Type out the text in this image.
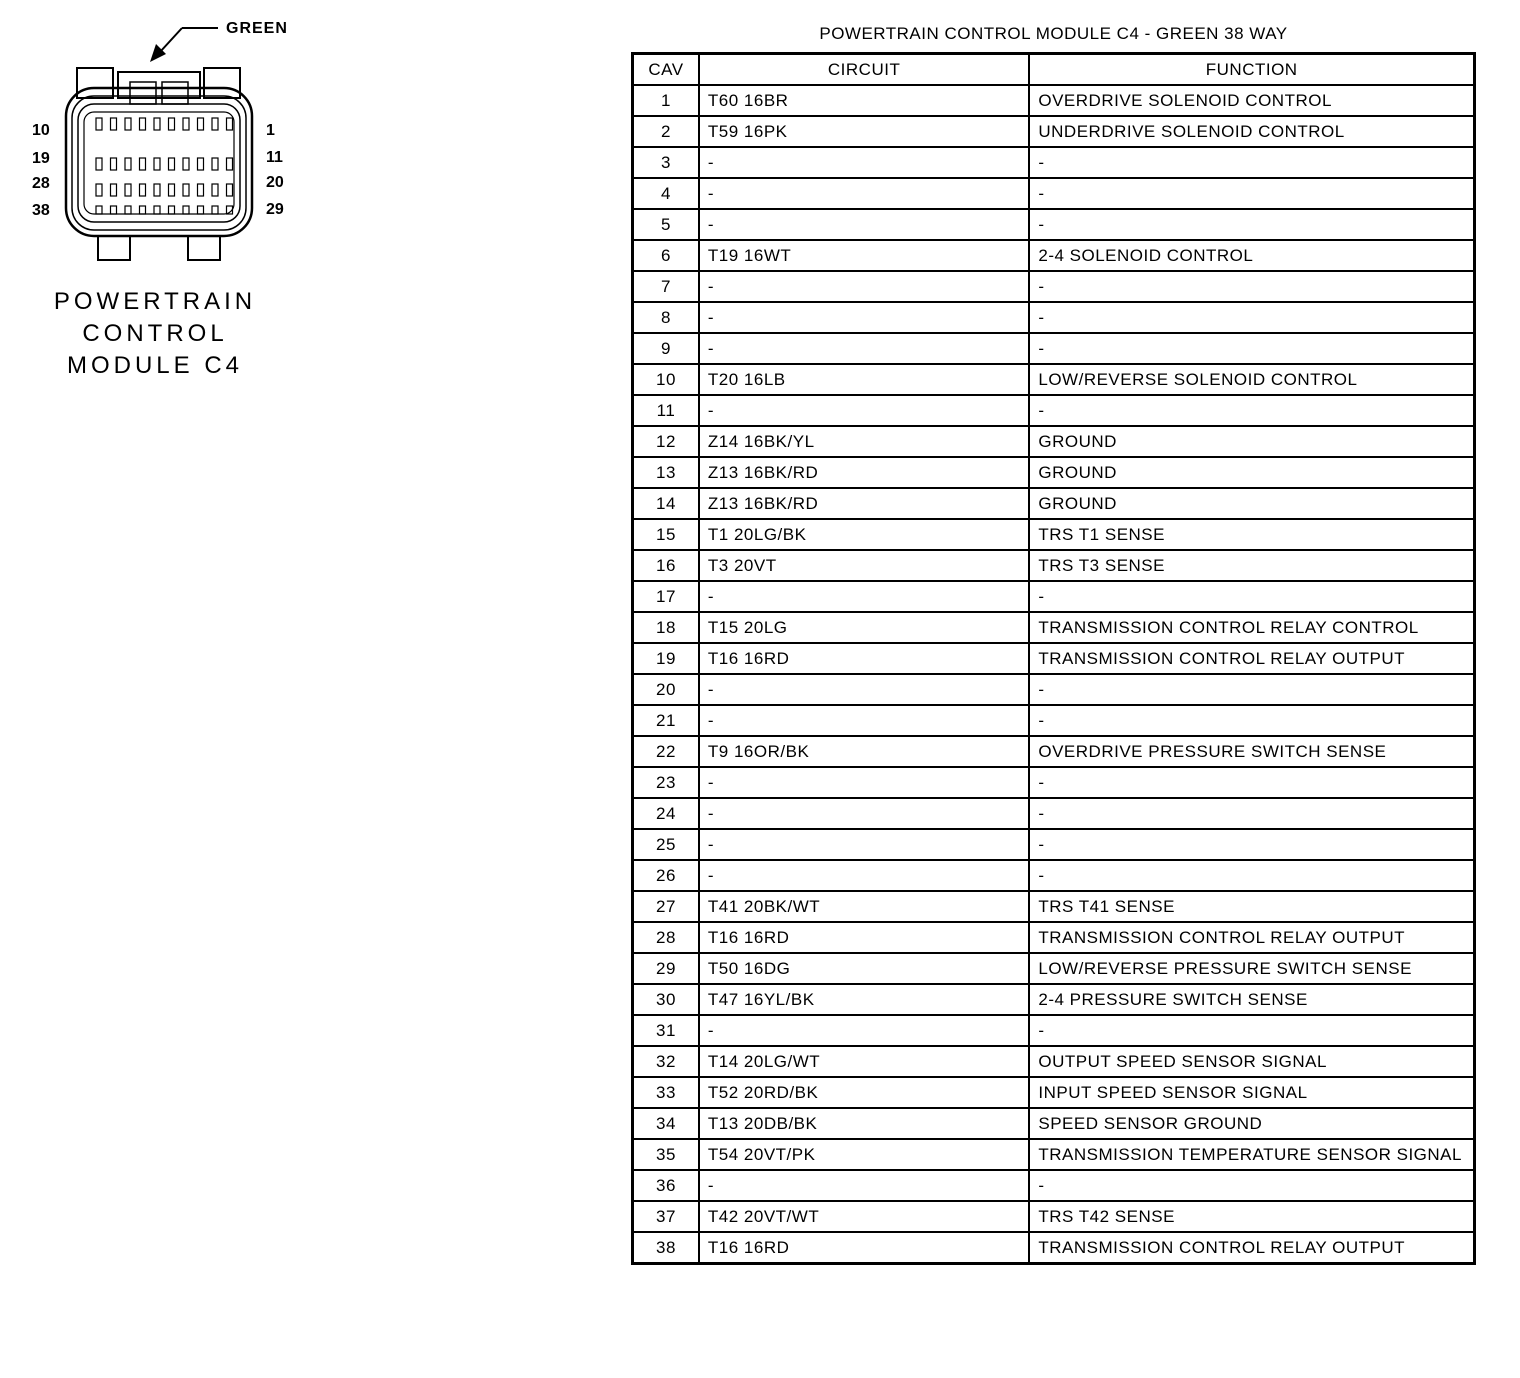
GREEN
10	1
19	11
28	20
38	29
POWERTRAIN
CONTROL
MODULE C4
POWERTRAIN CONTROL MODULE C4 - GREEN 38 WAY
CAV	CIRCUIT	FUNCTION
1	T60 16BR	OVERDRIVE SOLENOID CONTROL
2	T59 16PK	UNDERDRIVE SOLENOID CONTROL
3	-	-
4	-	-
5	-	-
6	T19 16WT	2-4 SOLENOID CONTROL
7	-	-
8	-	-
9	-	-
10	T20 16LB	LOW/REVERSE SOLENOID CONTROL
11	-	-
12	Z14 16BK/YL	GROUND
13	Z13 16BK/RD	GROUND
14	Z13 16BK/RD	GROUND
15	T1 20LG/BK	TRS T1 SENSE
16	T3 20VT	TRS T3 SENSE
17	-	-
18	T15 20LG	TRANSMISSION CONTROL RELAY CONTROL
19	T16 16RD	TRANSMISSION CONTROL RELAY OUTPUT
20	-	-
21	-	-
22	T9 16OR/BK	OVERDRIVE PRESSURE SWITCH SENSE
23	-	-
24	-	-
25	-	-
26	-	-
27	T41 20BK/WT	TRS T41 SENSE
28	T16 16RD	TRANSMISSION CONTROL RELAY OUTPUT
29	T50 16DG	LOW/REVERSE PRESSURE SWITCH SENSE
30	T47 16YL/BK	2-4 PRESSURE SWITCH SENSE
31	-	-
32	T14 20LG/WT	OUTPUT SPEED SENSOR SIGNAL
33	T52 20RD/BK	INPUT SPEED SENSOR SIGNAL
34	T13 20DB/BK	SPEED SENSOR GROUND
35	T54 20VT/PK	TRANSMISSION TEMPERATURE SENSOR SIGNAL
36	-	-
37	T42 20VT/WT	TRS T42 SENSE
38	T16 16RD	TRANSMISSION CONTROL RELAY OUTPUT
